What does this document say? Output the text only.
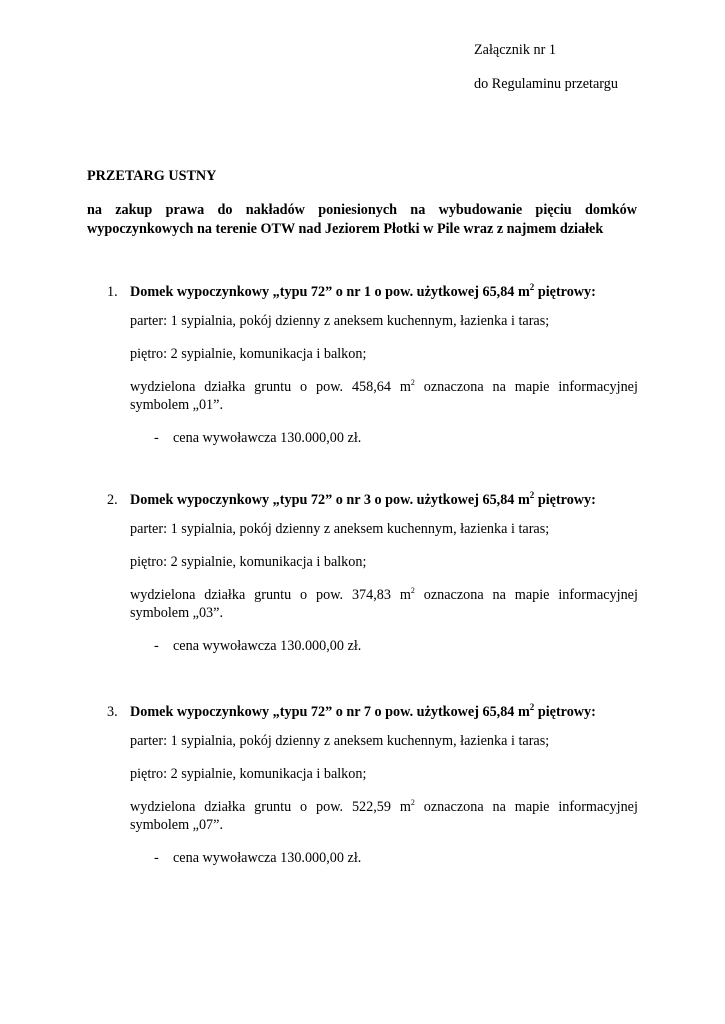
Załącznik nr 1
do Regulaminu przetargu
PRZETARG USTNY
na zakup prawa do nakładów poniesionych na wybudowanie pięciu domków wypoczynkowych na terenie OTW nad Jeziorem Płotki w Pile wraz z najmem działek
1. Domek wypoczynkowy „typu 72” o nr 1 o pow. użytkowej 65,84 $m^2$ piętrowy:
parter: 1 sypialnia, pokój dzienny z aneksem kuchennym, łazienka i taras;
piętro: 2 sypialnie, komunikacja i balkon;
wydzielona działka gruntu o pow. 458,64 $m^2$ oznaczona na mapie informacyjnej
symbolem „01”.
- cena wywoławcza 130.000,00 zł.
2. Domek wypoczynkowy „typu 72” o nr 3 o pow. użytkowej 65,84 $m^2$ piętrowy:
parter: 1 sypialnia, pokój dzienny z aneksem kuchennym, łazienka i taras;
piętro: 2 sypialnie, komunikacja i balkon;
wydzielona działka gruntu o pow. 374,83 $m^2$ oznaczona na mapie informacyjnej
symbolem „03”.
- cena wywoławcza 130.000,00 zł.
3. Domek wypoczynkowy „typu 72” o nr 7 o pow. użytkowej 65,84 $m^2$ piętrowy:
parter: 1 sypialnia, pokój dzienny z aneksem kuchennym, łazienka i taras;
piętro: 2 sypialnie, komunikacja i balkon;
wydzielona działka gruntu o pow. 522,59 $m^2$ oznaczona na mapie informacyjnej
symbolem „07”.
- cena wywoławcza 130.000,00 zł.
